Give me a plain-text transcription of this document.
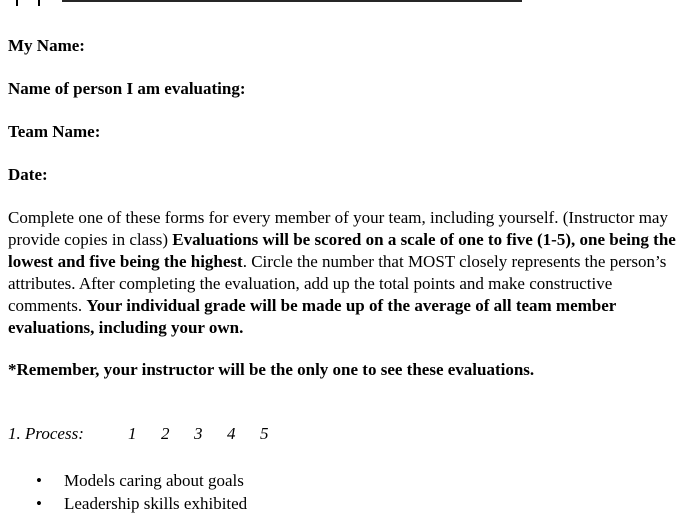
My Name:
Name of person I am evaluating:
Team Name:
Date:
Complete one of these forms for every member of your team, including yourself. (Instructor may provide copies in class) Evaluations will be scored on a scale of one to five (1-5), one being the lowest and five being the highest. Circle the number that MOST closely represents the person’s attributes. After completing the evaluation, add up the total points and make constructive comments. Your individual grade will be made up of the average of all team member evaluations, including your own.
*Remember, your instructor will be the only one to see these evaluations.
1. Process:	1 2 3 4 5
• Models caring about goals
• Leadership skills exhibited
